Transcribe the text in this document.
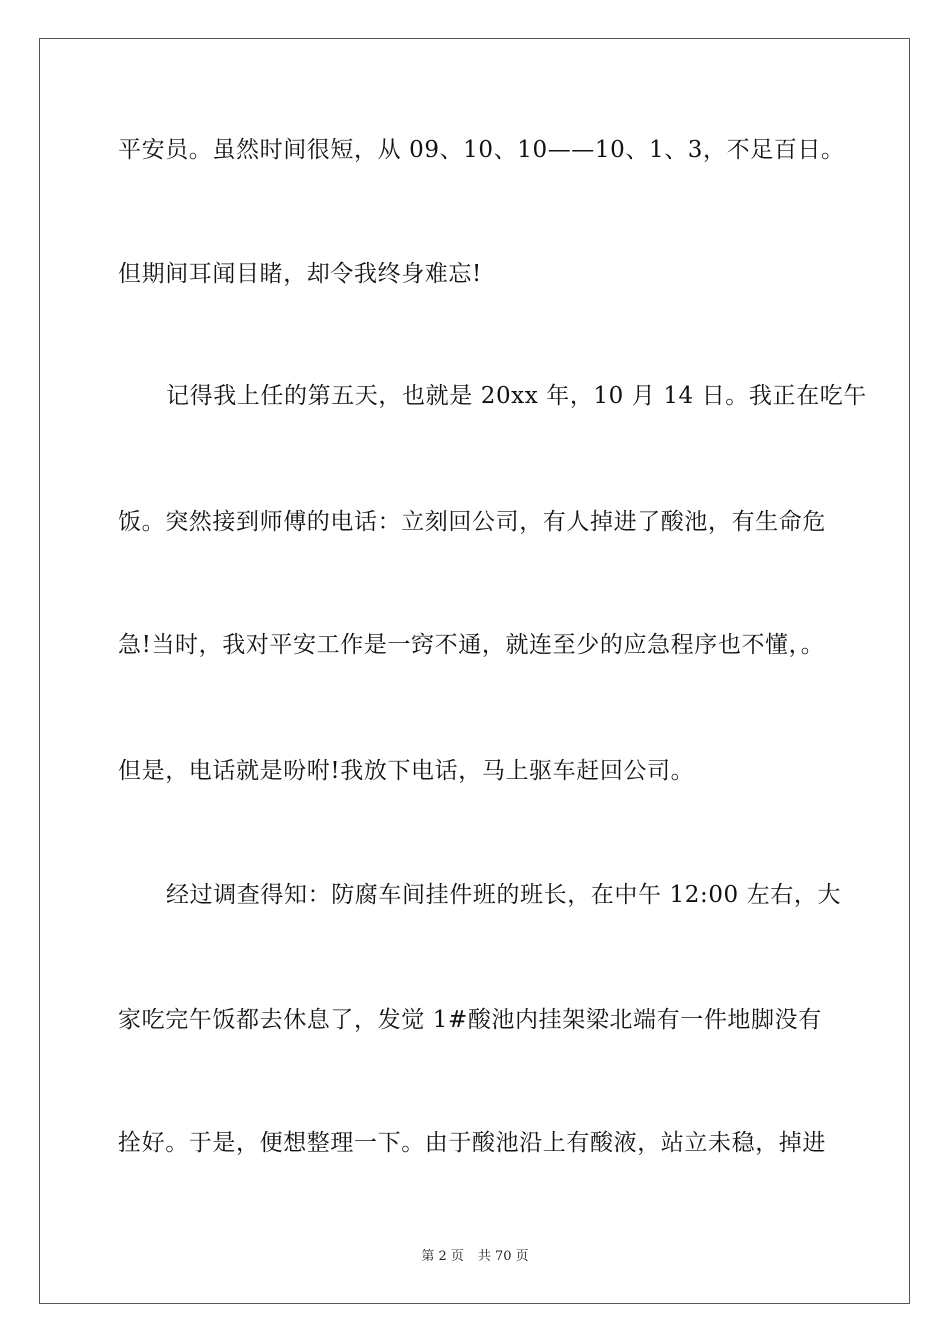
平安员。虽然时间很短，从 09、10、10——10、1、3，不足百日。
但期间耳闻目睹，却令我终身难忘!
记得我上任的第五天，也就是 20xx 年，10 月 14 日。我正在吃午
饭。突然接到师傅的电话：立刻回公司，有人掉进了酸池，有生命危
急!当时，我对平安工作是一窍不通，就连至少的应急程序也不懂，。
但是，电话就是吩咐!我放下电话，马上驱车赶回公司。
经过调查得知：防腐车间挂件班的班长，在中午 12:00 左右，大
家吃完午饭都去休息了，发觉 1#酸池内挂架梁北端有一件地脚没有
拴好。于是，便想整理一下。由于酸池沿上有酸液，站立未稳，掉进
第 2 页 共 70 页
